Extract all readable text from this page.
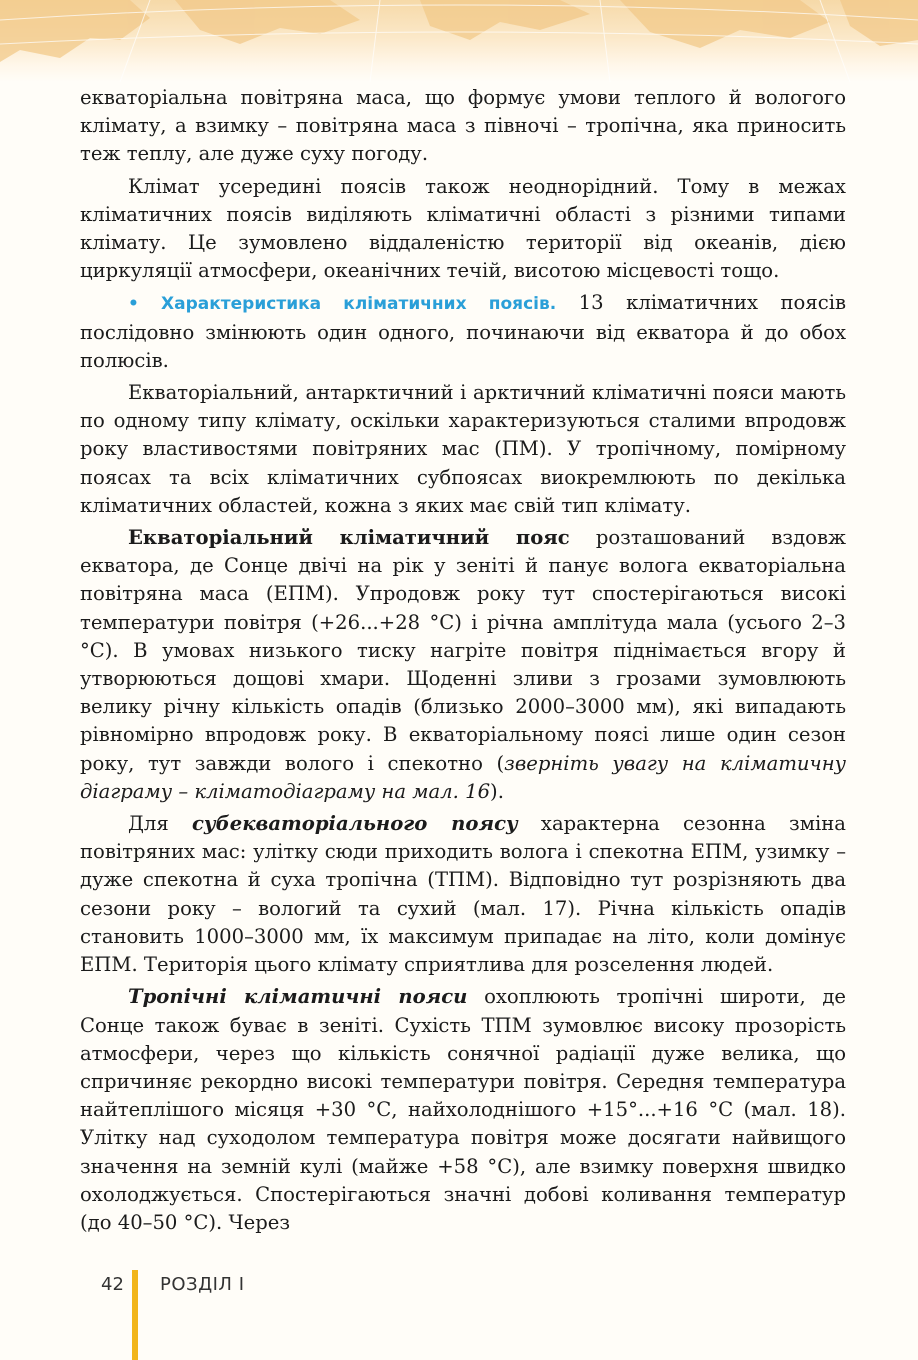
екваторіальна повітряна маса, що формує умови теплого й вологого клімату, а взимку – повітряна маса з півночі – тропічна, яка приносить теж теплу, але дуже суху погоду.

Клімат усередині поясів також неоднорідний. Тому в межах кліматичних поясів виділяють кліматичні області з різними типами клімату. Це зумовлено віддаленістю території від океанів, дією циркуляції атмосфери, океанічних течій, висотою місцевості тощо.

• Характеристика кліматичних поясів. 13 кліматичних поясів послідовно змінюють один одного, починаючи від екватора й до обох полюсів.

Екваторіальний, антарктичний і арктичний кліматичні пояси мають по одному типу клімату, оскільки характеризуються сталими впродовж року властивостями повітряних мас (ПМ). У тропічному, помірному поясах та всіх кліматичних субпоясах виокремлюють по декілька кліматичних областей, кожна з яких має свій тип клімату.

Екваторіальний кліматичний пояс розташований вздовж екватора, де Сонце двічі на рік у зеніті й панує волога екваторіальна повітряна маса (ЕПМ). Упродовж року тут спостерігаються високі температури повітря (+26...+28 °С) і річна амплітуда мала (усього 2–3 °С). В умовах низького тиску нагріте повітря піднімається вгору й утворюються дощові хмари. Щоденні зливи з грозами зумовлюють велику річну кількість опадів (близько 2000–3000 мм), які випадають рівномірно впродовж року. В екваторіальному поясі лише один сезон року, тут завжди волого і спекотно (зверніть увагу на кліматичну діаграму – кліматодіаграму на мал. 16).

Для субекваторіального поясу характерна сезонна зміна повітряних мас: улітку сюди приходить волога і спекотна ЕПМ, узимку – дуже спекотна й суха тропічна (ТПМ). Відповідно тут розрізняють два сезони року – вологий та сухий (мал. 17). Річна кількість опадів становить 1000–3000 мм, їх максимум припадає на літо, коли домінує ЕПМ. Територія цього клімату сприятлива для розселення людей.

Тропічні кліматичні пояси охоплюють тропічні широти, де Сонце також буває в зеніті. Сухість ТПМ зумовлює високу прозорість атмосфери, через що кількість сонячної радіації дуже велика, що спричиняє рекордно високі температури повітря. Середня температура найтеплішого місяця +30 °С, найхолоднішого +15°...+16 °С (мал. 18). Улітку над суходолом температура повітря може досягати найвищого значення на земній кулі (майже +58 °С), але взимку поверхня швидко охолоджується. Спостерігаються значні добові коливання температур (до 40–50 °С). Через

42 РОЗДІЛ І
